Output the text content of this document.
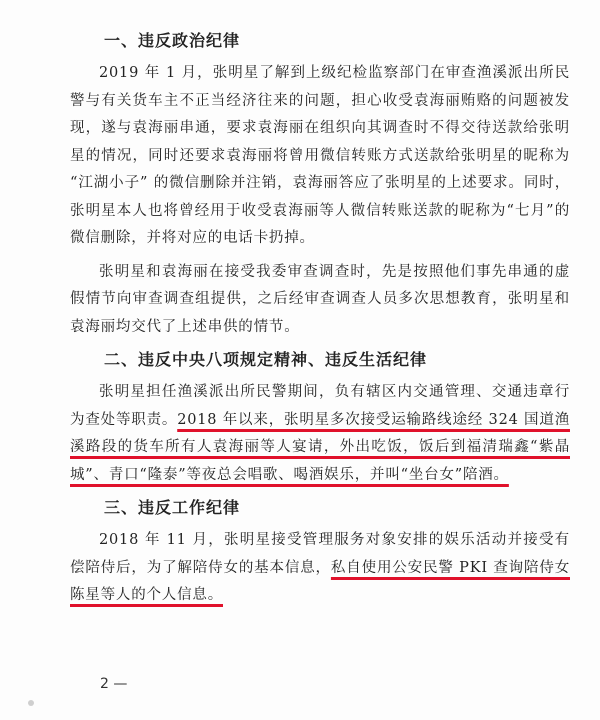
一、违反政治纪律

2019 年 1 月，张明星了解到上级纪检监察部门在审查渔溪派出所民警与有关货车主不正当经济往来的问题，担心收受袁海丽贿赂的问题被发现，遂与袁海丽串通，要求袁海丽在组织向其调查时不得交待送款给张明星的情况，同时还要求袁海丽将曾用微信转账方式送款给张明星的昵称为 “江湖小子” 的微信删除并注销，袁海丽答应了张明星的上述要求。同时，张明星本人也将曾经用于收受袁海丽等人微信转账送款的昵称为“七月”的微信删除，并将对应的电话卡扔掉。

张明星和袁海丽在接受我委审查调查时，先是按照他们事先串通的虚假情节向审查调查组提供，之后经审查调查人员多次思想教育，张明星和袁海丽均交代了上述串供的情节。

二、违反中央八项规定精神、违反生活纪律

张明星担任渔溪派出所民警期间，负有辖区内交通管理、交通违章行为查处等职责。2018 年以来，张明星多次接受运输路线途经 324 国道渔溪路段的货车所有人袁海丽等人宴请，外出吃饭，饭后到福清瑞鑫“紫晶城”、青口“隆泰”等夜总会唱歌、喝酒娱乐，并叫“坐台女”陪酒。

三、违反工作纪律

2018 年 11 月，张明星接受管理服务对象安排的娱乐活动并接受有偿陪侍后，为了解陪侍女的基本信息，私自使用公安民警 PKI 查询陪侍女陈星等人的个人信息。

2 —
